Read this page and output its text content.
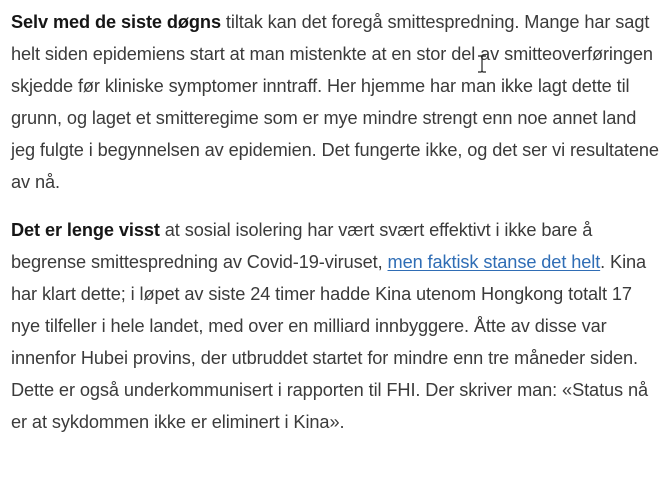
Selv med de siste døgns tiltak kan det foregå smittespredning. Mange har sagt helt siden epidemiens start at man mistenkte at en stor del av smitteoverføringen skjedde før kliniske symptomer inntraff. Her hjemme har man ikke lagt dette til grunn, og laget et smitteregime som er mye mindre strengt enn noe annet land jeg fulgte i begynnelsen av epidemien. Det fungerte ikke, og det ser vi resultatene av nå.

Det er lenge visst at sosial isolering har vært svært effektivt i ikke bare å begrense smittespredning av Covid-19-viruset, men faktisk stanse det helt. Kina har klart dette; i løpet av siste 24 timer hadde Kina utenom Hongkong totalt 17 nye tilfeller i hele landet, med over en milliard innbyggere. Åtte av disse var innenfor Hubei provins, der utbruddet startet for mindre enn tre måneder siden. Dette er også underkommunisert i rapporten til FHI. Der skriver man: «Status nå er at sykdommen ikke er eliminert i Kina».
